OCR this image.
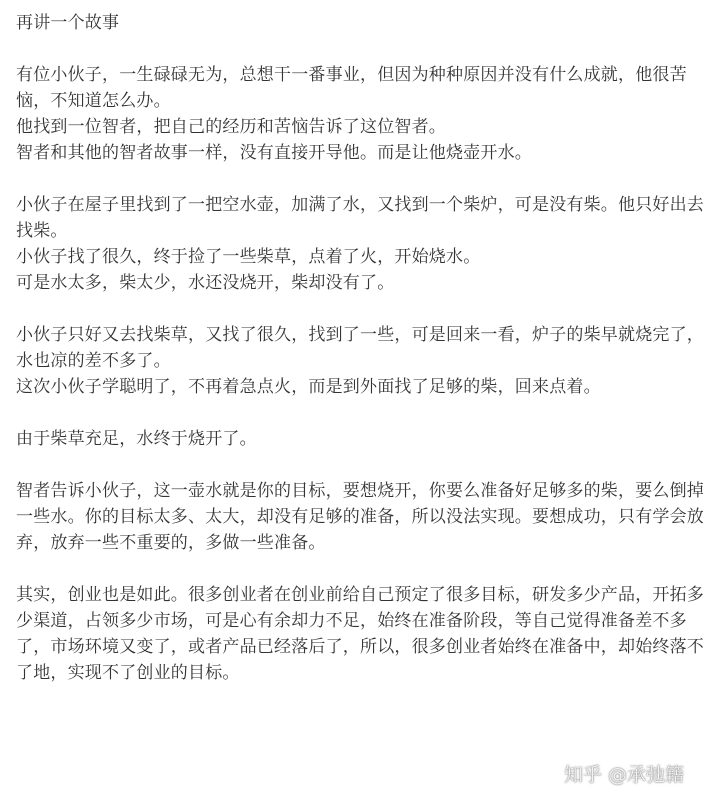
再讲一个故事

有位小伙子，一生碌碌无为，总想干一番事业，但因为种种原因并没有什么成就，他很苦恼，不知道怎么办。

他找到一位智者，把自己的经历和苦恼告诉了这位智者。

智者和其他的智者故事一样，没有直接开导他。而是让他烧壶开水。

小伙子在屋子里找到了一把空水壶，加满了水，又找到一个柴炉，可是没有柴。他只好出去找柴。

小伙子找了很久，终于捡了一些柴草，点着了火，开始烧水。

可是水太多，柴太少，水还没烧开，柴却没有了。

小伙子只好又去找柴草，又找了很久，找到了一些，可是回来一看，炉子的柴早就烧完了，水也凉的差不多了。

这次小伙子学聪明了，不再着急点火，而是到外面找了足够的柴，回来点着。

由于柴草充足，水终于烧开了。

智者告诉小伙子，这一壶水就是你的目标，要想烧开，你要么准备好足够多的柴，要么倒掉一些水。你的目标太多、太大，却没有足够的准备，所以没法实现。要想成功，只有学会放弃，放弃一些不重要的，多做一些准备。

其实，创业也是如此。很多创业者在创业前给自己预定了很多目标，研发多少产品，开拓多少渠道，占领多少市场，可是心有余却力不足，始终在准备阶段，等自己觉得准备差不多了，市场环境又变了，或者产品已经落后了，所以，很多创业者始终在准备中，却始终落不了地，实现不了创业的目标。

知乎 @承弛籍
